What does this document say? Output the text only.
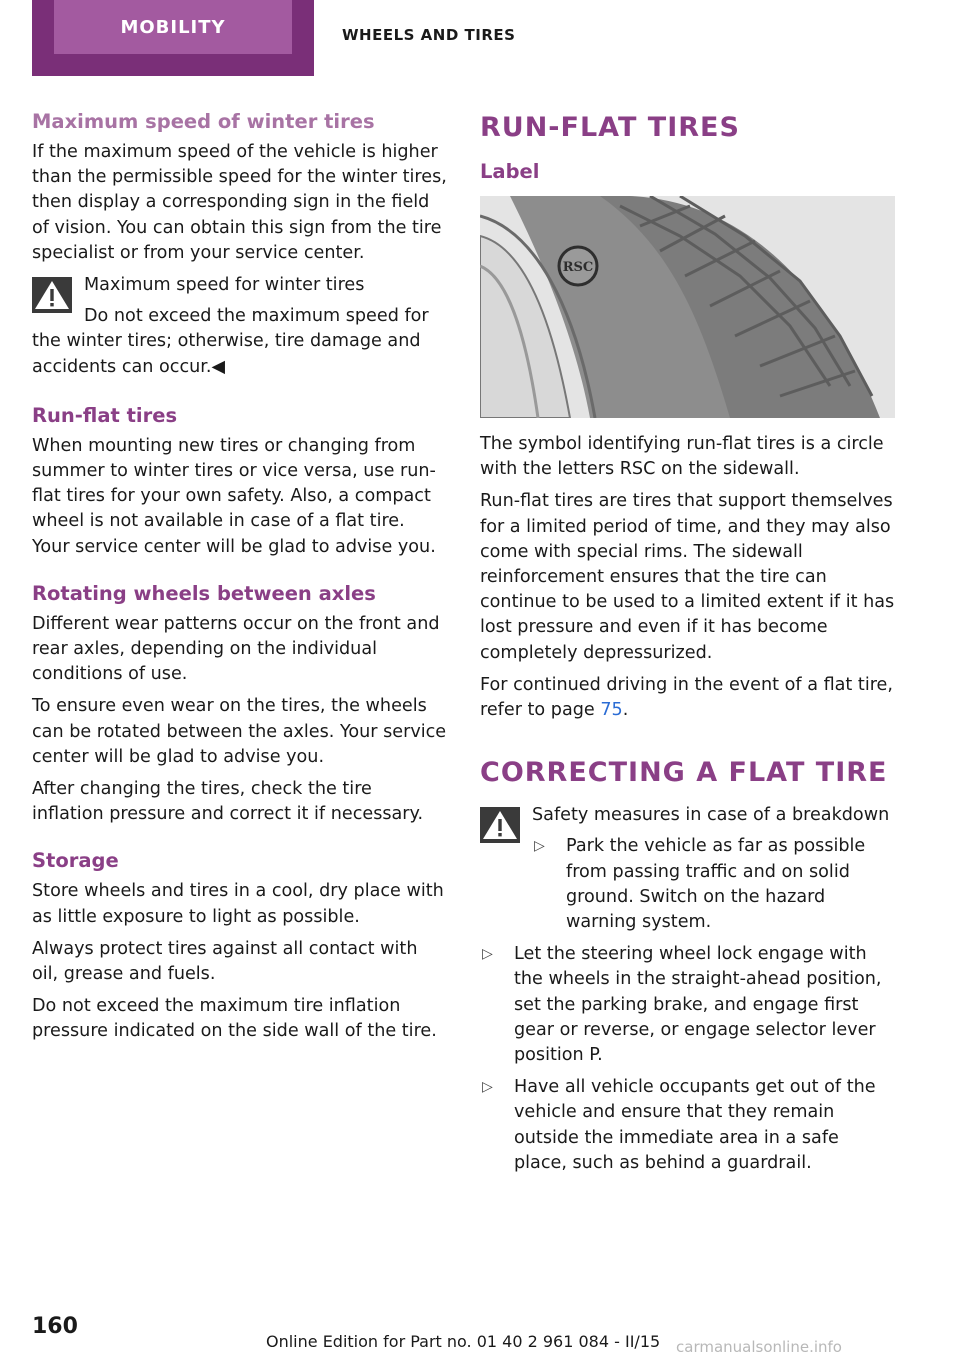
MOBILITY	WHEELS AND TIRES
Maximum speed of winter tires

If the maximum speed of the vehicle is higher than the permissible speed for the winter tires, then display a corresponding sign in the field of vision. You can obtain this sign from the tire specialist or from your service center.

Maximum speed for winter tires

Do not exceed the maximum speed for the winter tires; otherwise, tire damage and accidents can occur.◀

Run-flat tires

When mounting new tires or changing from summer to winter tires or vice versa, use run-flat tires for your own safety. Also, a compact wheel is not available in case of a flat tire. Your service center will be glad to advise you.

Rotating wheels between axles

Different wear patterns occur on the front and rear axles, depending on the individual conditions of use.

To ensure even wear on the tires, the wheels can be rotated between the axles. Your service center will be glad to advise you.

After changing the tires, check the tire inflation pressure and correct it if necessary.

Storage

Store wheels and tires in a cool, dry place with as little exposure to light as possible.

Always protect tires against all contact with oil, grease and fuels.

Do not exceed the maximum tire inflation pressure indicated on the side wall of the tire.

RUN-FLAT TIRES
Label
RSC

The symbol identifying run-flat tires is a circle with the letters RSC on the sidewall.

Run-flat tires are tires that support themselves for a limited period of time, and they may also come with special rims. The sidewall reinforcement ensures that the tire can continue to be used to a limited extent if it has lost pressure and even if it has become completely depressurized.

For continued driving in the event of a flat tire, refer to page 75.

CORRECTING A FLAT TIRE
Safety measures in case of a breakdown
▷ Park the vehicle as far as possible from passing traffic and on solid ground. Switch on the hazard warning system.
▷ Let the steering wheel lock engage with the wheels in the straight-ahead position, set the parking brake, and engage first gear or reverse, or engage selector lever position P.
▷ Have all vehicle occupants get out of the vehicle and ensure that they remain outside the immediate area in a safe place, such as behind a guardrail.
160
Online Edition for Part no. 01 40 2 961 084 - II/15 carmanualsonline.info
